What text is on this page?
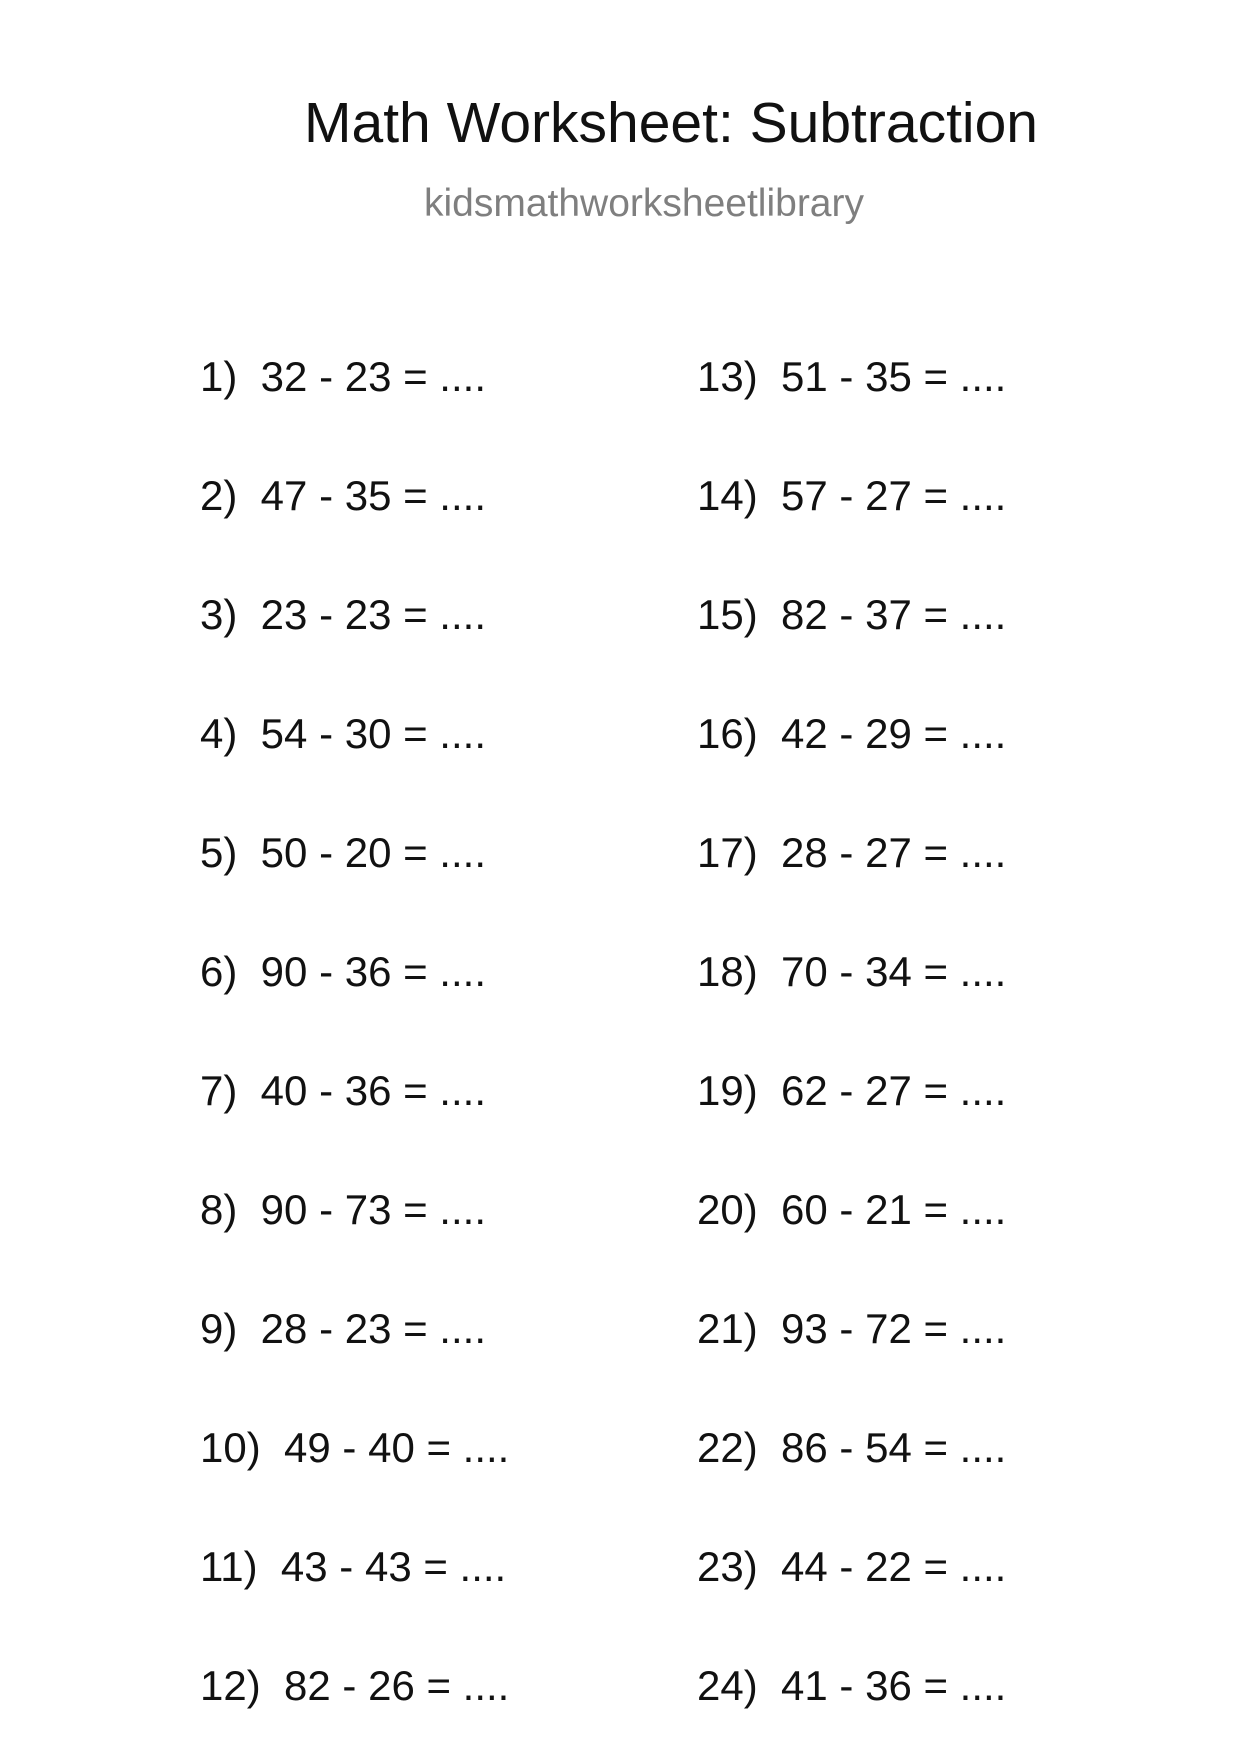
Math Worksheet: Subtraction
kidsmathworksheetlibrary
1)  32 - 23 = ....
2)  47 - 35 = ....
3)  23 - 23 = ....
4)  54 - 30 = ....
5)  50 - 20 = ....
6)  90 - 36 = ....
7)  40 - 36 = ....
8)  90 - 73 = ....
9)  28 - 23 = ....
10)  49 - 40 = ....
11)  43 - 43 = ....
12)  82 - 26 = ....
13)  51 - 35 = ....
14)  57 - 27 = ....
15)  82 - 37 = ....
16)  42 - 29 = ....
17)  28 - 27 = ....
18)  70 - 34 = ....
19)  62 - 27 = ....
20)  60 - 21 = ....
21)  93 - 72 = ....
22)  86 - 54 = ....
23)  44 - 22 = ....
24)  41 - 36 = ....
